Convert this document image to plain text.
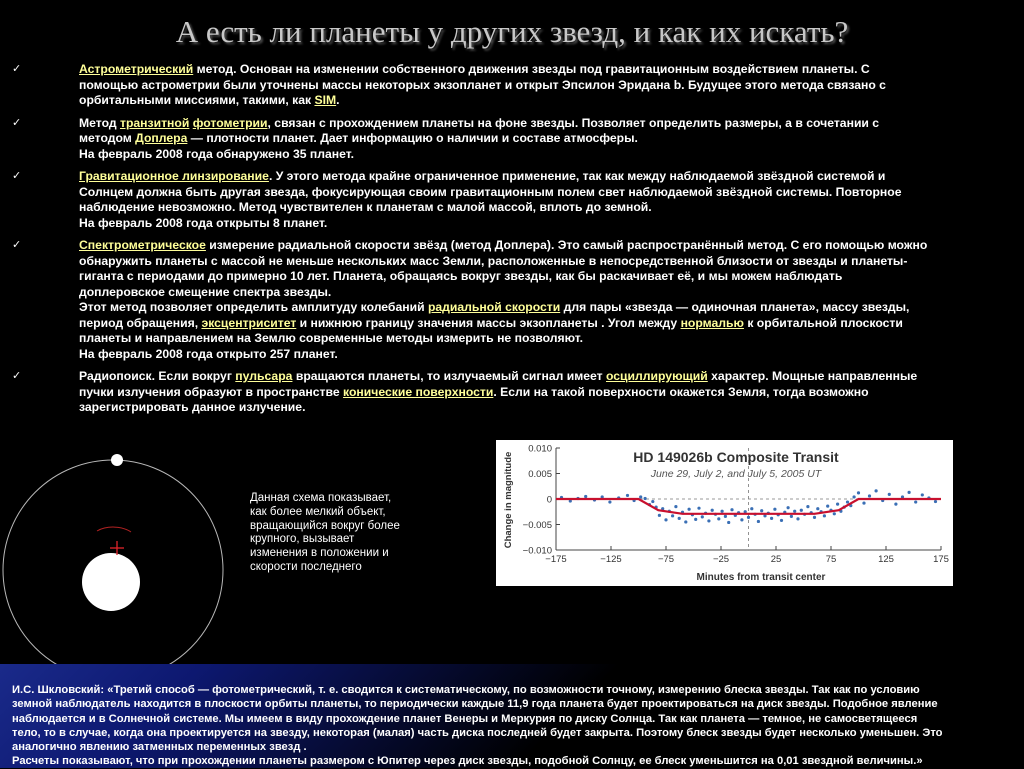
А есть ли планеты у других звезд, и как их искать?
✓	Астрометрический метод. Основан на изменении собственного движения звезды под гравитационным воздействием планеты. С
помощью астрометрии были уточнены массы некоторых экзопланет и открыт Эпсилон Эридана b. Будущее этого метода связано с
орбитальными миссиями, такими, как SIM.
✓	Метод транзитной фотометрии, связан с прохождением планеты на фоне звезды. Позволяет определить размеры, а в сочетании с
методом Доплера — плотности планет. Дает информацию о наличии и составе атмосферы.
На февраль 2008 года обнаружено 35 планет.
✓	Гравитационное линзирование. У этого метода крайне ограниченное применение, так как между наблюдаемой звёздной системой и
Солнцем должна быть другая звезда, фокусирующая своим гравитационным полем свет наблюдаемой звёздной системы. Повторное
наблюдение невозможно. Метод чувствителен к планетам с малой массой, вплоть до земной.
На февраль 2008 года открыты 8 планет.
✓	Спектрометрическое измерение радиальной скорости звёзд (метод Доплера). Это самый распространённый метод. С его помощью можно
обнаружить планеты с массой не меньше нескольких масс Земли, расположенные в непосредственной близости от звезды и планеты-
гиганта с периодами до примерно 10 лет. Планета, обращаясь вокруг звезды, как бы раскачивает её, и мы можем наблюдать
доплеровское смещение спектра звезды.
Этот метод позволяет определить амплитуду колебаний радиальной скорости для пары «звезда — одиночная планета», массу звезды,
период обращения, эксцентриситет и нижнюю границу значения массы экзопланеты . Угол между нормалью к орбитальной плоскости
планеты и направлением на Землю современные методы измерить не позволяют.
На февраль 2008 года открыто 257 планет.
✓	Радиопоиск. Если вокруг пульсара вращаются планеты, то излучаемый сигнал имеет осциллирующий характер. Мощные направленные
пучки излучения образуют в пространстве конические поверхности. Если на такой поверхности окажется Земля, тогда возможно
зарегистрировать данное излучение.
Данная схема показывает,
как более мелкий объект,
вращающийся вокруг более
крупного, вызывает
изменения в положении и
скорости последнего
HD 149026b Composite Transit
June 29, July 2, and July 5, 2005 UT
Minutes from transit center
Change in magnitude
0.010
0.005
0
−0.005
−0.010
−175	−125	−75	−25	25	75	125	175
И.С. Шкловский: «Третий способ — фотометрический, т. е. сводится к систематическому, по возможности точному, измерению блеска звезды. Так как по условию
земной наблюдатель находится в плоскости орбиты планеты, то периодически каждые 11,9 года планета будет проектироваться на диск звезды. Подобное явление
наблюдается и в Солнечной системе. Мы имеем в виду прохождение планет Венеры и Меркурия по диску Солнца. Так как планета — темное, не самосветящееся
тело, то в случае, когда она проектируется на звезду, некоторая (малая) часть диска последней будет закрыта. Поэтому блеск звезды будет несколько уменьшен. Это
аналогично явлению затменных переменных звезд .
Расчеты показывают, что при прохождении планеты размером с Юпитер через диск звезды, подобной Солнцу, ее блеск уменьшится на 0,01 звездной величины.»
